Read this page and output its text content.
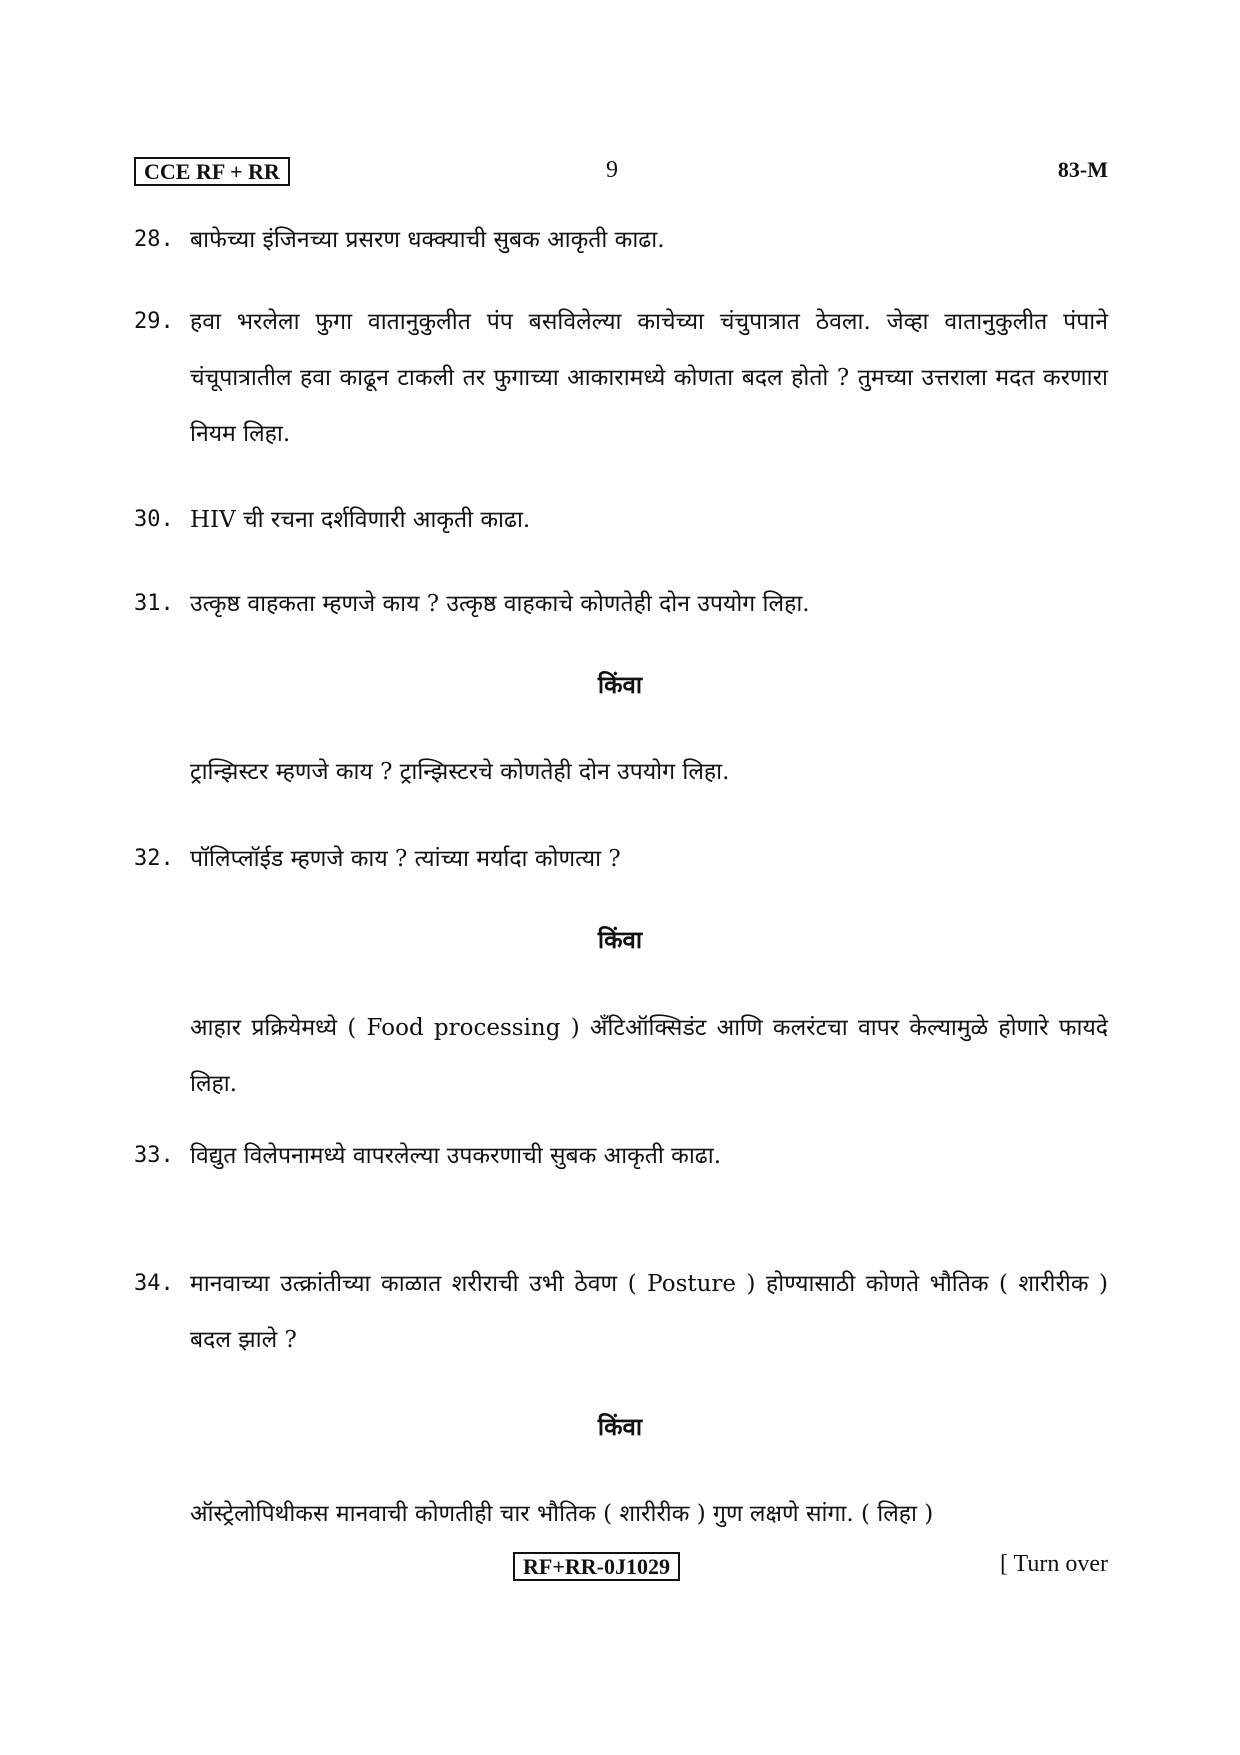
CCE RF + RR	9	83-M
28. बाफेच्या इंजिनच्या प्रसरण धक्क्याची सुबक आकृती काढा.
29. हवा भरलेला फुगा वातानुकुलीत पंप बसविलेल्या काचेच्या चंचुपात्रात ठेवला. जेव्हा वातानुकुलीत पंपाने चंचूपात्रातील हवा काढून टाकली तर फुगाच्या आकारामध्ये कोणता बदल होतो ? तुमच्या उत्तराला मदत करणारा नियम लिहा.
30. HIV ची रचना दर्शविणारी आकृती काढा.
31. उत्कृष्ठ वाहकता म्हणजे काय ? उत्कृष्ठ वाहकाचे कोणतेही दोन उपयोग लिहा.
किंवा
ट्रान्झिस्टर म्हणजे काय ? ट्रान्झिस्टरचे कोणतेही दोन उपयोग लिहा.
32. पॉलिप्लॉईड म्हणजे काय ? त्यांच्या मर्यादा कोणत्या ?
किंवा
आहार प्रक्रियेमध्ये ( Food processing ) अँटिऑक्सिडंट आणि कलरंटचा वापर केल्यामुळे होणारे फायदे लिहा.
33. विद्युत विलेपनामध्ये वापरलेल्या उपकरणाची सुबक आकृती काढा.
34. मानवाच्या उत्क्रांतीच्या काळात शरीराची उभी ठेवण ( Posture ) होण्यासाठी कोणते भौतिक ( शारीरीक ) बदल झाले ?
किंवा
ऑस्ट्रेलोपिथीकस मानवाची कोणतीही चार भौतिक ( शारीरीक ) गुण लक्षणे सांगा. ( लिहा )
RF+RR-0J1029	[ Turn over
